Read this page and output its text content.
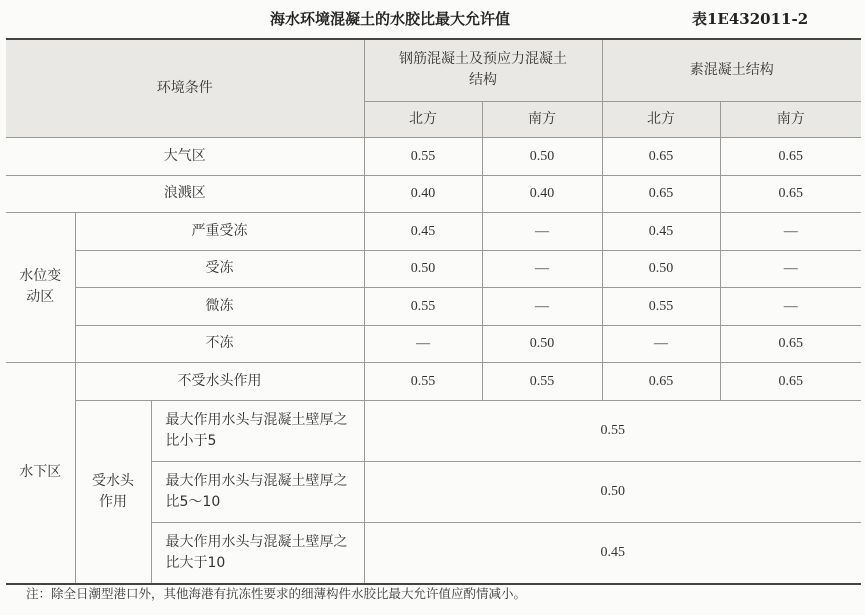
海水环境混凝土的水胶比最大允许值	表1E432011-2
环境条件			钢筋混凝土及预应力混凝土结构		素混凝土结构	
			北方	南方	北方	南方
大气区			0.55	0.50	0.65	0.65
浪溅区			0.40	0.40	0.65	0.65

水位变动区	严重受冻		0.45	—	0.45	—
	受冻		0.50	—	0.50	—
	微冻		0.55	—	0.55	—
	不冻		—	0.50	—	0.65
水下区	不受水头作用		0.55	0.55	0.65	0.65

	受水头作用	最大作用水头与混凝土壁厚之比小于5	0.55			

		最大作用水头与混凝土壁厚之比5～10	0.50			

		最大作用水头与混凝土壁厚之比大于10	0.45			
注：除全日潮型港口外，其他海港有抗冻性要求的细薄构件水胶比最大允许值应酌情减小。
